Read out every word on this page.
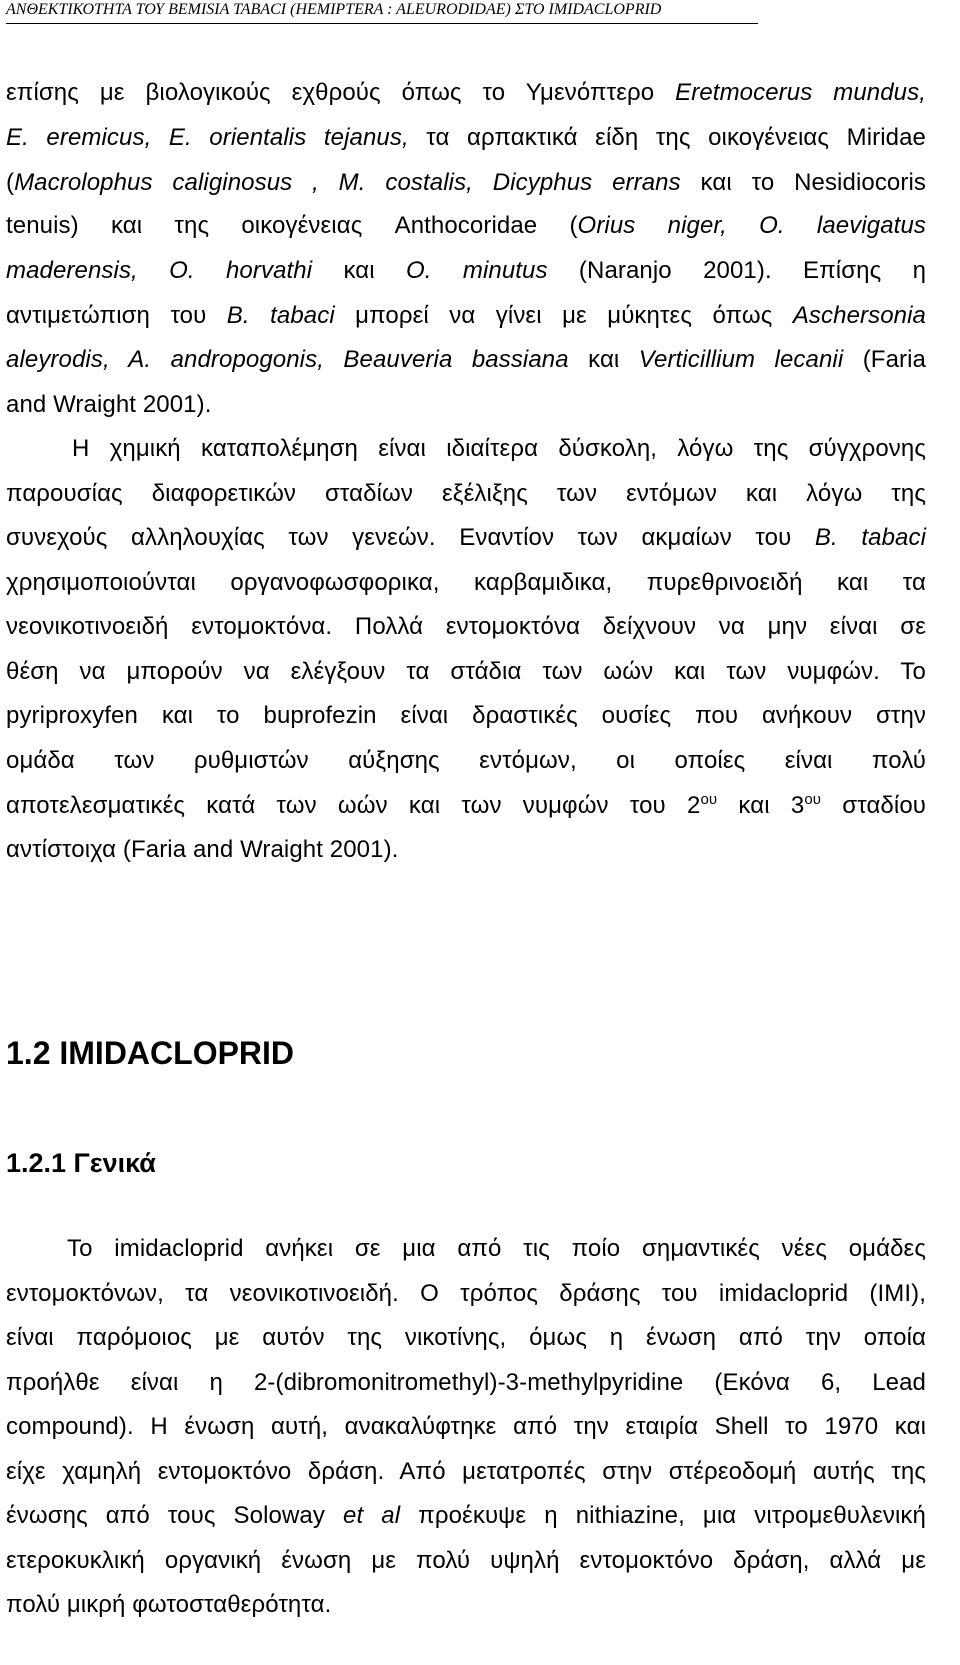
ΑΝΘΕΚΤΙΚΟΤΗΤΑ ΤΟΥ BEMISIA TABACI (HEMIPTERA : ALEURODIDAE) ΣΤΟ IMIDACLOPRID
επίσης με βιολογικούς εχθρούς όπως το Υμενόπτερο Eretmocerus mundus,
E. eremicus, E. orientalis tejanus, τα αρπακτικά είδη της οικογένειας Miridae
(Macrolophus caliginosus , M. costalis, Dicyphus errans και το Nesidiocoris
tenuis) και της οικογένειας Anthocoridae (Orius niger, O. laevigatus
maderensis, O. horvathi και O. minutus (Naranjo 2001). Επίσης η
αντιμετώπιση του B. tabaci μπορεί να γίνει με μύκητες όπως Aschersonia
aleyrodis, A. andropogonis, Beauveria bassiana και Verticillium lecanii (Faria
and Wraight 2001).
Η χημική καταπολέμηση είναι ιδιαίτερα δύσκολη, λόγω της σύγχρονης
παρουσίας διαφορετικών σταδίων εξέλιξης των εντόμων και λόγω της
συνεχούς αλληλουχίας των γενεών. Εναντίον των ακμαίων του B. tabaci
χρησιμοποιούνται οργανοφωσφορικα, καρβαμιδικα, πυρεθρινοειδή και τα
νεονικοτινοειδή εντομοκτόνα. Πολλά εντομοκτόνα δείχνουν να μην είναι σε
θέση να μπορούν να ελέγξουν τα στάδια των ωών και των νυμφών. Το
pyriproxyfen και το buprofezin είναι δραστικές ουσίες που ανήκουν στην
ομάδα των ρυθμιστών αύξησης εντόμων, οι οποίες είναι πολύ
αποτελεσματικές κατά των ωών και των νυμφών του $2^{o\upsilon}$ και $3^{o\upsilon}$ σταδίου
αντίστοιχα (Faria and Wraight 2001).
1.2 IMIDACLOPRID
1.2.1 Γενικά
Το imidacloprid ανήκει σε μια από τις ποίο σημαντικές νέες ομάδες
εντομοκτόνων, τα νεονικοτινοειδή. Ο τρόπος δράσης του imidacloprid (IMI),
είναι παρόμοιος με αυτόν της νικοτίνης, όμως η ένωση από την οποία
προήλθε είναι η 2-(dibromonitromethyl)-3-methylpyridine (Εκόνα 6, Lead
compound). Η ένωση αυτή, ανακαλύφτηκε από την εταιρία Shell το 1970 και
είχε χαμηλή εντομοκτόνο δράση. Από μετατροπές στην στέρεοδομή αυτής της
ένωσης από τους Soloway et al προέκυψε η nithiazine, μια νιτρομεθυλενική
ετεροκυκλική οργανική ένωση με πολύ υψηλή εντομοκτόνο δράση, αλλά με
πολύ μικρή φωτοσταθερότητα.
